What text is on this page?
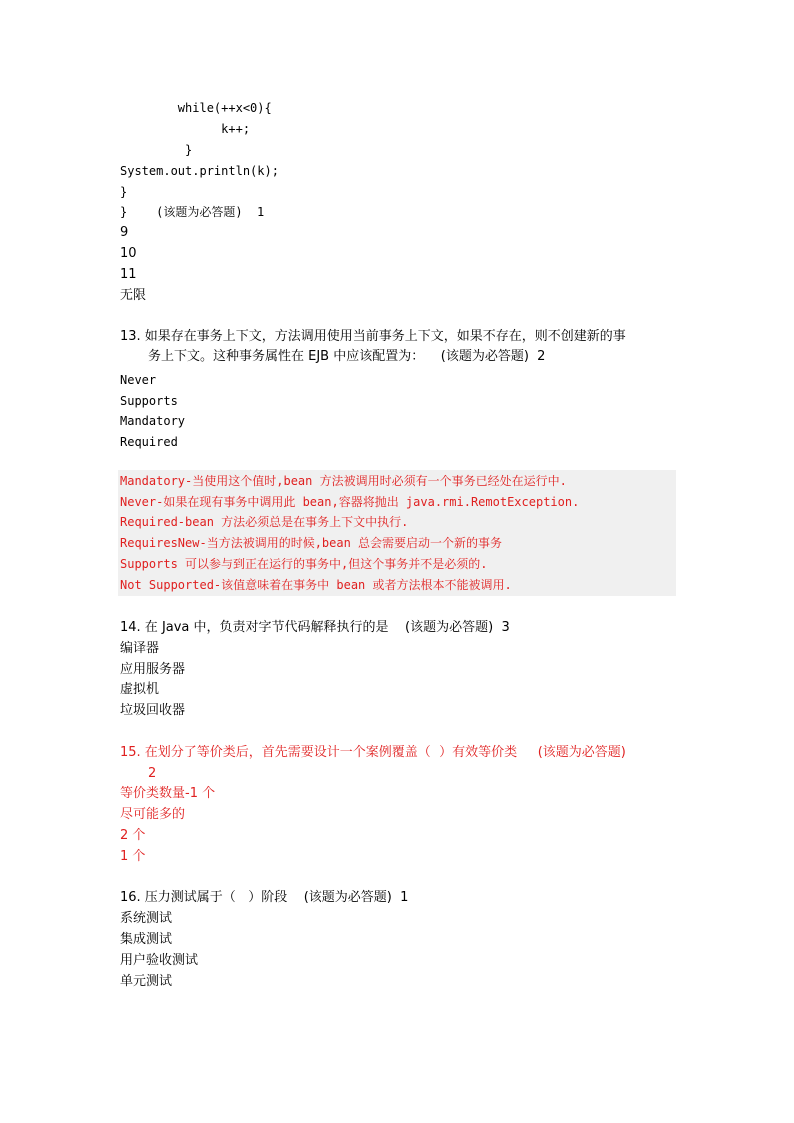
while(++x<0){
k++;
}
System.out.println(k);
}
}    (该题为必答题)  1
9
10
11
无限
13. 如果存在事务上下文，方法调用使用当前事务上下文，如果不存在，则不创建新的事
务上下文。这种事务属性在 EJB 中应该配置为：    (该题为必答题)  2
Never
Supports
Mandatory
Required
Mandatory-当使用这个值时,bean 方法被调用时必须有一个事务已经处在运行中.
Never-如果在现有事务中调用此 bean,容器将抛出 java.rmi.RemotException.
Required-bean 方法必须总是在事务上下文中执行.
RequiresNew-当方法被调用的时候,bean 总会需要启动一个新的事务
Supports 可以参与到正在运行的事务中,但这个事务并不是必须的.
Not Supported-该值意味着在事务中 bean 或者方法根本不能被调用.
14. 在 Java 中，负责对字节代码解释执行的是    (该题为必答题)  3
编译器
应用服务器
虚拟机
垃圾回收器
15. 在划分了等价类后，首先需要设计一个案例覆盖（  ）有效等价类     (该题为必答题)
2
等价类数量-1 个
尽可能多的
2 个
1 个
16. 压力测试属于（   ）阶段    (该题为必答题)  1
系统测试
集成测试
用户验收测试
单元测试
